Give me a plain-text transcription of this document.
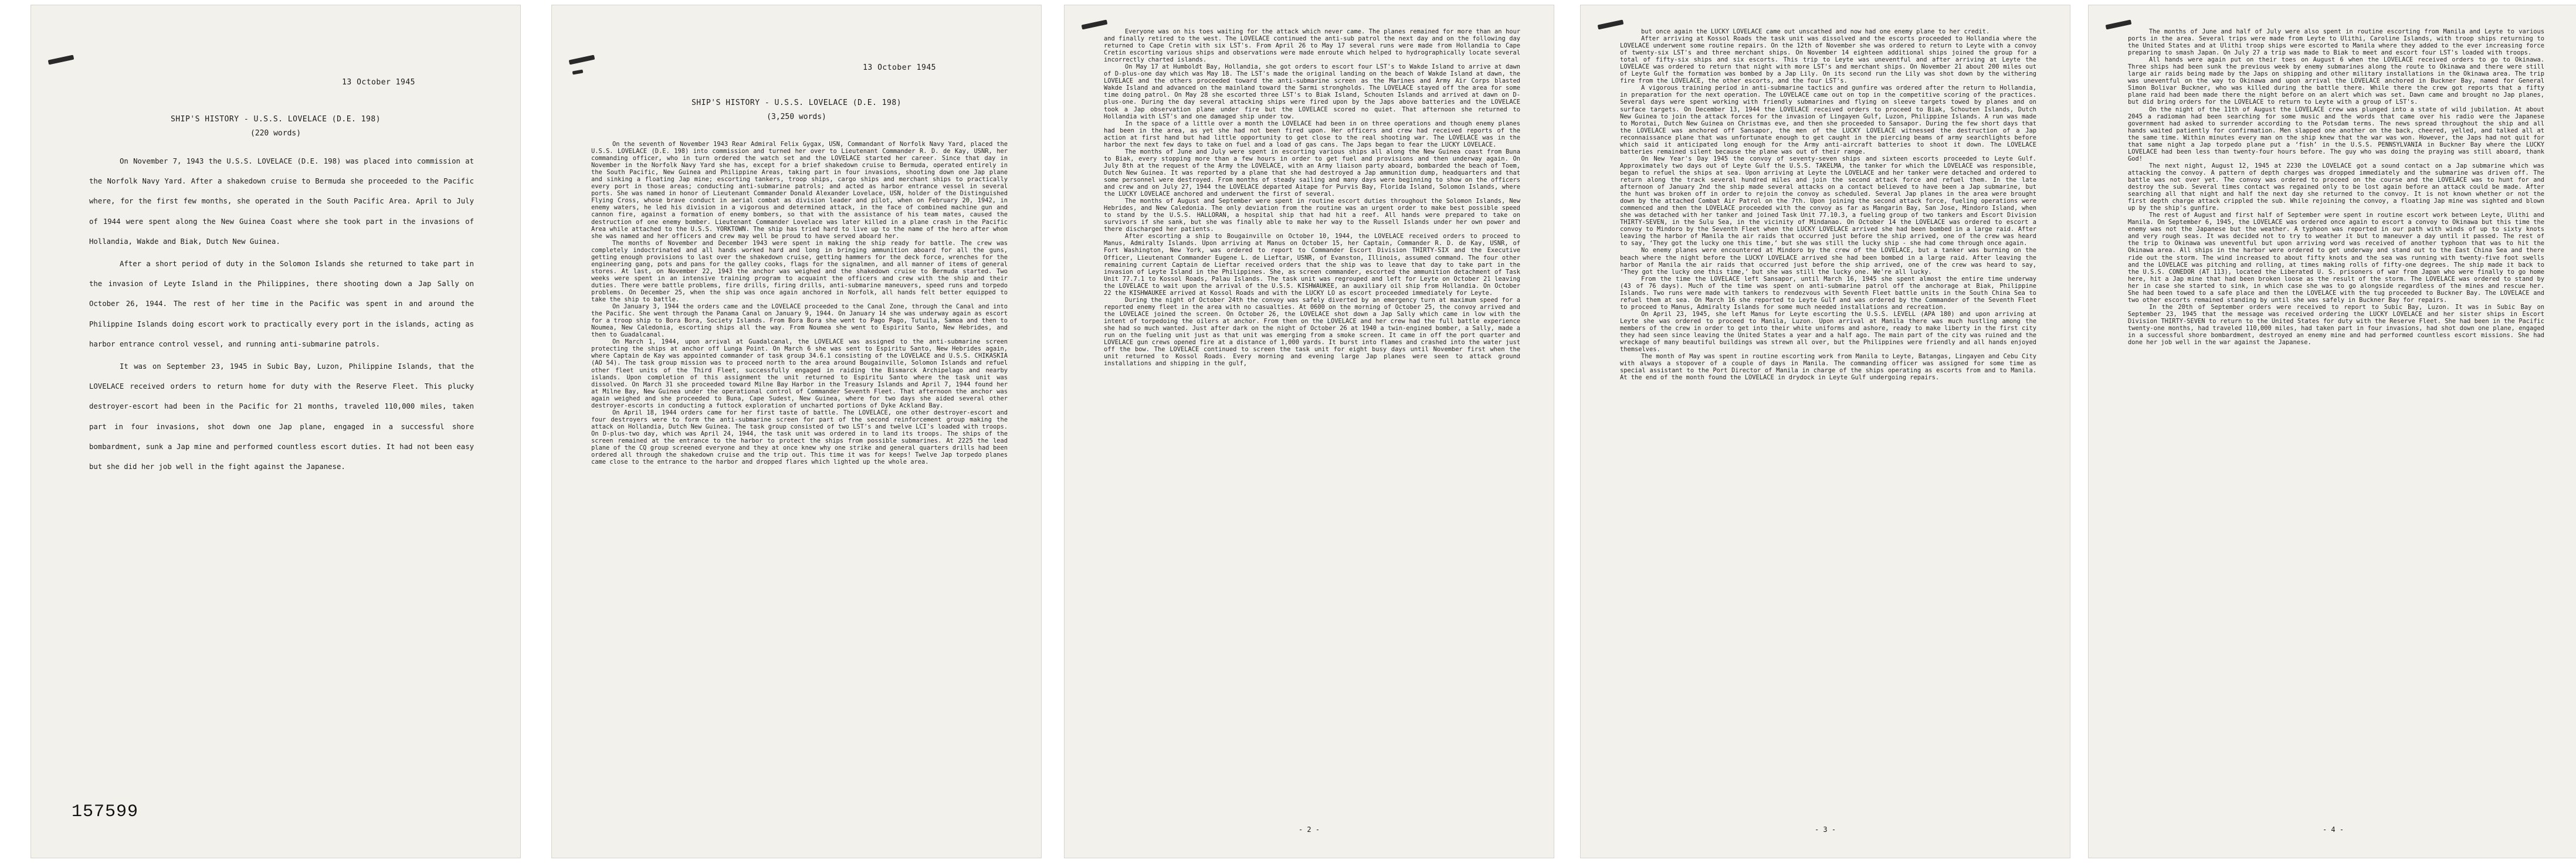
13 October 1945
SHIP'S HISTORY - U.S.S. LOVELACE (D.E. 198)
(220 words)

On November 7, 1943 the U.S.S. LOVELACE (D.E. 198) was placed into commission at the Norfolk Navy Yard. After a shakedown cruise to Bermuda she proceeded to the Pacific where, for the first few months, she operated in the South Pacific Area. April to July of 1944 were spent along the New Guinea Coast where she took part in the invasions of Hollandia, Wakde and Biak, Dutch New Guinea.

After a short period of duty in the Solomon Islands she returned to take part in the invasion of Leyte Island in the Philippines, there shooting down a Jap Sally on October 26, 1944. The rest of her time in the Pacific was spent in and around the Philippine Islands doing escort work to practically every port in the islands, acting as harbor entrance control vessel, and running anti-submarine patrols.

It was on September 23, 1945 in Subic Bay, Luzon, Philippine Islands, that the LOVELACE received orders to return home for duty with the Reserve Fleet. This plucky destroyer-escort had been in the Pacific for 21 months, traveled 110,000 miles, taken part in four invasions, shot down one Jap plane, engaged in a successful shore bombardment, sunk a Jap mine and performed countless escort duties. It had not been easy but she did her job well in the fight against the Japanese.

157599
13 October 1945
SHIP'S HISTORY - U.S.S. LOVELACE (D.E. 198)
(3,250 words)

On the seventh of November 1943 Rear Admiral Felix Gygax, USN, Commandant of Norfolk Navy Yard, placed the U.S.S. LOVELACE (D.E. 198) into commission and turned her over to Lieutenant Commander R. D. de Kay, USNR, her commanding officer, who in turn ordered the watch set and the LOVELACE started her career. Since that day in November in the Norfolk Navy Yard she has, except for a brief shakedown cruise to Bermuda, operated entirely in the South Pacific, New Guinea and Philippine Areas, taking part in four invasions, shooting down one Jap plane and sinking a floating Jap mine; escorting tankers, troop ships, cargo ships and merchant ships to practically every port in those areas; conducting anti-submarine patrols; and acted as harbor entrance vessel in several ports. She was named in honor of Lieutenant Commander Donald Alexander Lovelace, USN, holder of the Distinguished Flying Cross, whose brave conduct in aerial combat as division leader and pilot, when on February 20, 1942, in enemy waters, he led his division in a vigorous and determined attack, in the face of combined machine gun and cannon fire, against a formation of enemy bombers, so that with the assistance of his team mates, caused the destruction of one enemy bomber. Lieutenant Commander Lovelace was later killed in a plane crash in the Pacific Area while attached to the U.S.S. YORKTOWN. The ship has tried hard to live up to the name of the hero after whom she was named and her officers and crew may well be proud to have served aboard her.

The months of November and December 1943 were spent in making the ship ready for battle. The crew was completely indoctrinated and all hands worked hard and long in bringing ammunition aboard for all the guns, getting enough provisions to last over the shakedown cruise, getting hammers for the deck force, wrenches for the engineering gang, pots and pans for the galley cooks, flags for the signalmen, and all manner of items of general stores. At last, on November 22, 1943 the anchor was weighed and the shakedown cruise to Bermuda started. Two weeks were spent in an intensive training program to acquaint the officers and crew with the ship and their duties. There were battle problems, fire drills, firing drills, anti-submarine maneuvers, speed runs and torpedo problems. On December 25, when the ship was once again anchored in Norfolk, all hands felt better equipped to take the ship to battle.

On January 3, 1944 the orders came and the LOVELACE proceeded to the Canal Zone, through the Canal and into the Pacific. She went through the Panama Canal on January 9, 1944. On January 14 she was underway again as escort for a troop ship to Bora Bora, Society Islands. From Bora Bora she went to Pago Pago, Tutuila, Samoa and then to Noumea, New Caledonia, escorting ships all the way. From Noumea she went to Espiritu Santo, New Hebrides, and then to Guadalcanal.

On March 1, 1944, upon arrival at Guadalcanal, the LOVELACE was assigned to the anti-submarine screen protecting the ships at anchor off Lunga Point. On March 6 she was sent to Espiritu Santo, New Hebrides again, where Captain de Kay was appointed commander of task group 34.6.1 consisting of the LOVELACE and U.S.S. CHIKASKIA (AO 54). The task group mission was to proceed north to the area around Bougainville, Solomon Islands and refuel other fleet units of the Third Fleet, successfully engaged in raiding the Bismarck Archipelago and nearby islands. Upon completion of this assignment the unit returned to Espiritu Santo where the task unit was dissolved. On March 31 she proceeded toward Milne Bay Harbor in the Treasury Islands and April 7, 1944 found her at Milne Bay, New Guinea under the operational control of Commander Seventh Fleet. That afternoon the anchor was again weighed and she proceeded to Buna, Cape Sudest, New Guinea, where for two days she aided several other destroyer-escorts in conducting a futtock exploration of uncharted portions of Dyke Ackland Bay.

On April 18, 1944 orders came for her first taste of battle. The LOVELACE, one other destroyer-escort and four destroyers were to form the anti-submarine screen for part of the second reinforcement group making the attack on Hollandia, Dutch New Guinea. The task group consisted of two LST's and twelve LCI's loaded with troops. On D-plus-two day, which was April 24, 1944, the task unit was ordered in to land its troops. The ships of the screen remained at the entrance to the harbor to protect the ships from possible submarines. At 2225 the lead plane of the CQ group screened everyone and they at once knew why one strike and general quarters drills had been ordered all through the shakedown cruise and the trip out. This time it was for keeps! Twelve Jap torpedo planes came close to the entrance to the harbor and dropped flares which lighted up the whole area.

Everyone was on his toes waiting for the attack which never came. The planes remained for more than an hour and finally retired to the west. The LOVELACE continued the anti-sub patrol the next day and on the following day returned to Cape Cretin with six LST's. From April 26 to May 17 several runs were made from Hollandia to Cape Cretin escorting various ships and observations were made enroute which helped to hydrographically locate several incorrectly charted islands.

On May 17 at Humboldt Bay, Hollandia, she got orders to escort four LST's to Wakde Island to arrive at dawn of D-plus-one day which was May 18. The LST's made the original landing on the beach of Wakde Island at dawn, the LOVELACE and the others proceeded toward the anti-submarine screen as the Marines and Army Air Corps blasted Wakde Island and advanced on the mainland toward the Sarmi strongholds. The LOVELACE stayed off the area for some time doing patrol. On May 28 she escorted three LST's to Biak Island, Schouten Islands and arrived at dawn on D-plus-one. During the day several attacking ships were fired upon by the Japs above batteries and the LOVELACE took a Jap observation plane under fire but the LOVELACE scored no quiet. That afternoon she returned to Hollandia with LST's and one damaged ship under tow.

In the space of a little over a month the LOVELACE had been in on three operations and though enemy planes had been in the area, as yet she had not been fired upon. Her officers and crew had received reports of the action at first hand but had little opportunity to get close to the real shooting war. The LOVELACE was in the harbor the next few days to take on fuel and a load of gas cans. The Japs began to fear the LUCKY LOVELACE.

The months of June and July were spent in escorting various ships all along the New Guinea coast from Buna to Biak, every stopping more than a few hours in order to get fuel and provisions and then underway again. On July 8th at the request of the Army the LOVELACE, with an Army liaison party aboard, bombarded the beach of Toem, Dutch New Guinea. It was reported by a plane that she had destroyed a Jap ammunition dump, headquarters and that some personnel were destroyed. From months of steady sailing and many days were beginning to show on the officers and crew and on July 27, 1944 the LOVELACE departed Aitape for Purvis Bay, Florida Island, Solomon Islands, where the LUCKY LOVELACE anchored and underwent the first of several.

The months of August and September were spent in routine escort duties throughout the Solomon Islands, New Hebrides, and New Caledonia. The only deviation from the routine was an urgent order to make best possible speed to stand by the U.S.S. HALLORAN, a hospital ship that had hit a reef. All hands were prepared to take on survivors if she sank, but she was finally able to make her way to the Russell Islands under her own power and there discharged her patients.

After escorting a ship to Bougainville on October 10, 1944, the LOVELACE received orders to proceed to Manus, Admiralty Islands. Upon arriving at Manus on October 15, her Captain, Commander R. D. de Kay, USNR, of Fort Washington, New York, was ordered to report to Commander Escort Division THIRTY-SIX and the Executive Officer, Lieutenant Commander Eugene L. de Lieftar, USNR, of Evanston, Illinois, assumed command. The four other remaining current Captain de Lieftar received orders that the ship was to leave that day to take part in the invasion of Leyte Island in the Philippines. She, as screen commander, escorted the ammunition detachment of Task Unit 77.7.1 to Kossol Roads, Palau Islands. The task unit was regrouped and left for Leyte on October 21 leaving the LOVELACE to wait upon the arrival of the U.S.S. KISHWAUKEE, an auxiliary oil ship from Hollandia. On October 22 the KISHWAUKEE arrived at Kossol Roads and with the LUCKY LO as escort proceeded immediately for Leyte.

During the night of October 24th the convoy was safely diverted by an emergency turn at maximum speed for a reported enemy fleet in the area with no casualties. At 0600 on the morning of October 25, the convoy arrived and the LOVELACE joined the screen. On October 26, the LOVELACE shot down a Jap Sally which came in low with the intent of torpedoing the oilers at anchor. From then on the LOVELACE and her crew had the full battle experience she had so much wanted. Just after dark on the night of October 26 at 1940 a twin-engined bomber, a Sally, made a run on the fueling unit just as that unit was emerging from a smoke screen. It came in off the port quarter and LOVELACE gun crews opened fire at a distance of 1,000 yards. It burst into flames and crashed into the water just off the bow. The LOVELACE continued to screen the task unit for eight busy days until November first when the unit returned to Kossol Roads. Every morning and evening large Jap planes were seen to attack ground installations and shipping in the gulf,

- 2 -

but once again the LUCKY LOVELACE came out unscathed and now had one enemy plane to her credit.

After arriving at Kossol Roads the task unit was dissolved and the escorts proceeded to Hollandia where the LOVELACE underwent some routine repairs. On the 12th of November she was ordered to return to Leyte with a convoy of twenty-six LST's and three merchant ships. On November 14 eighteen additional ships joined the group for a total of fifty-six ships and six escorts. This trip to Leyte was uneventful and after arriving at Leyte the LOVELACE was ordered to return that night with more LST's and merchant ships. On November 21 about 200 miles out of Leyte Gulf the formation was bombed by a Jap Lily. On its second run the Lily was shot down by the withering fire from the LOVELACE, the other escorts, and the four LST's.

A vigorous training period in anti-submarine tactics and gunfire was ordered after the return to Hollandia, in preparation for the next operation. The LOVELACE came out on top in the competitive scoring of the practices. Several days were spent working with friendly submarines and flying on sleeve targets towed by planes and on surface targets. On December 13, 1944 the LOVELACE received orders to proceed to Biak, Schouten Islands, Dutch New Guinea to join the attack forces for the invasion of Lingayen Gulf, Luzon, Philippine Islands. A run was made to Morotai, Dutch New Guinea on Christmas eve, and then she proceeded to Sansapor. During the few short days that the LOVELACE was anchored off Sansapor, the men of the LUCKY LOVELACE witnessed the destruction of a Jap reconnaissance plane that was unfortunate enough to get caught in the piercing beams of army searchlights before which said it anticipated long enough for the Army anti-aircraft batteries to shoot it down. The LOVELACE batteries remained silent because the plane was out of their range.

On New Year's Day 1945 the convoy of seventy-seven ships and sixteen escorts proceeded to Leyte Gulf. Approximately two days out of Leyte Gulf the U.S.S. TAKELMA, the tanker for which the LOVELACE was responsible, began to refuel the ships at sea. Upon arriving at Leyte the LOVELACE and her tanker were detached and ordered to return along the track several hundred miles and join the second attack force and refuel them. In the late afternoon of January 2nd the ship made several attacks on a contact believed to have been a Jap submarine, but the hunt was broken off in order to rejoin the convoy as scheduled. Several Jap planes in the area were brought down by the attached Combat Air Patrol on the 7th. Upon joining the second attack force, fueling operations were commenced and then the LOVELACE proceeded with the convoy as far as Mangarin Bay, San Jose, Mindoro Island, when she was detached with her tanker and joined Task Unit 77.10.3, a fueling group of two tankers and Escort Division THIRTY-SEVEN, in the Sulu Sea, in the vicinity of Mindanao. On October 14 the LOVELACE was ordered to escort a convoy to Mindoro by the Seventh Fleet when the LUCKY LOVELACE arrived she had been bombed in a large raid. After leaving the harbor of Manila the air raids that occurred just before the ship arrived, one of the crew was heard to say, ‘They got the lucky one this time,’ but she was still the lucky ship - she had come through once again.

No enemy planes were encountered at Mindoro by the crew of the LOVELACE, but a tanker was burning on the beach where the night before the LUCKY LOVELACE arrived she had been bombed in a large raid. After leaving the harbor of Manila the air raids that occurred just before the ship arrived, one of the crew was heard to say, ‘They got the lucky one this time,’ but she was still the lucky one. We're all lucky.

From the time the LOVELACE left Sansapor, until March 16, 1945 she spent almost the entire time underway (43 of 76 days). Much of the time was spent on anti-submarine patrol off the anchorage at Biak, Philippine Islands. Two runs were made with tankers to rendezvous with Seventh Fleet battle units in the South China Sea to refuel them at sea. On March 16 she reported to Leyte Gulf and was ordered by the Commander of the Seventh Fleet to proceed to Manus, Admiralty Islands for some much needed installations and recreation.

On April 23, 1945, she left Manus for Leyte escorting the U.S.S. LEVELL (APA 180) and upon arriving at Leyte she was ordered to proceed to Manila, Luzon. Upon arrival at Manila there was much hustling among the members of the crew in order to get into their white uniforms and ashore, ready to make liberty in the first city they had seen since leaving the United States a year and a half ago. The main part of the city was ruined and the wreckage of many beautiful buildings was strewn all over, but the Philippines were friendly and all hands enjoyed themselves.

The month of May was spent in routine escorting work from Manila to Leyte, Batangas, Lingayen and Cebu City with always a stopover of a couple of days in Manila. The commanding officer was assigned for some time as special assistant to the Port Director of Manila in charge of the ships operating as escorts from and to Manila. At the end of the month found the LOVELACE in drydock in Leyte Gulf undergoing repairs.

- 3 -

The months of June and half of July were also spent in routine escorting from Manila and Leyte to various ports in the area. Several trips were made from Leyte to Ulithi, Caroline Islands, with troop ships returning to the United States and at Ulithi troop ships were escorted to Manila where they added to the ever increasing force preparing to smash Japan. On July 27 a trip was made to Biak to meet and escort four LST's loaded with troops.

All hands were again put on their toes on August 6 when the LOVELACE received orders to go to Okinawa. Three ships had been sunk the previous week by enemy submarines along the route to Okinawa and there were still large air raids being made by the Japs on shipping and other military installations in the Okinawa area. The trip was uneventful on the way to Okinawa and upon arrival the LOVELACE anchored in Buckner Bay, named for General Simon Bolivar Buckner, who was killed during the battle there. While there the crew got reports that a fifty plane raid had been made there the night before on an alert which was set. Dawn came and brought no Jap planes, but did bring orders for the LOVELACE to return to Leyte with a group of LST's.

On the night of the 11th of August the LOVELACE crew was plunged into a state of wild jubilation. At about 2045 a radioman had been searching for some music and the words that came over his radio were the Japanese government had asked to surrender according to the Potsdam terms. The news spread throughout the ship and all hands waited patiently for confirmation. Men slapped one another on the back, cheered, yelled, and talked all at the same time. Within minutes every man on the ship knew that the war was won. However, the Japs had not quit for that same night a Jap torpedo plane put a ‘fish’ in the U.S.S. PENNSYLVANIA in Buckner Bay where the LUCKY LOVELACE had been less than twenty-four hours before. The guy who was doing the praying was still aboard, thank God!

The next night, August 12, 1945 at 2230 the LOVELACE got a sound contact on a Jap submarine which was attacking the convoy. A pattern of depth charges was dropped immediately and the submarine was driven off. The battle was not over yet. The convoy was ordered to proceed on the course and the LOVELACE was to hunt for and destroy the sub. Several times contact was regained only to be lost again before an attack could be made. After searching all that night and half the next day she returned to the convoy. It is not known whether or not the first depth charge attack crippled the sub. While rejoining the convoy, a floating Jap mine was sighted and blown up by the ship's gunfire.

The rest of August and first half of September were spent in routine escort work between Leyte, Ulithi and Manila. On September 6, 1945, the LOVELACE was ordered once again to escort a convoy to Okinawa but this time the enemy was not the Japanese but the weather. A typhoon was reported in our path with winds of up to sixty knots and very rough seas. It was decided not to try to weather it but to maneuver a day until it passed. The rest of the trip to Okinawa was uneventful but upon arriving word was received of another typhoon that was to hit the Okinawa area. All ships in the harbor were ordered to get underway and stand out to the East China Sea and there ride out the storm. The wind increased to about fifty knots and the sea was running with twenty-five foot swells and the LOVELACE was pitching and rolling, at times making rolls of fifty-one degrees. The ship made it back to the U.S.S. CONEDOR (AT 113), located the Liberated U. S. prisoners of war from Japan who were finally to go home here, hit a Jap mine that had been broken loose as the result of the storm. The LOVELACE was ordered to stand by her in case she started to sink, in which case she was to go alongside regardless of the mines and rescue her. She had been towed to a safe place and then the LOVELACE with the tug proceeded to Buckner Bay. The LOVELACE and two other escorts remained standing by until she was safely in Buckner Bay for repairs.

In the 20th of September orders were received to report to Subic Bay, Luzon. It was in Subic Bay on September 23, 1945 that the message was received ordering the LUCKY LOVELACE and her sister ships in Escort Division THIRTY-SEVEN to return to the United States for duty with the Reserve Fleet. She had been in the Pacific twenty-one months, had traveled 110,000 miles, had taken part in four invasions, had shot down one plane, engaged in a successful shore bombardment, destroyed an enemy mine and had performed countless escort missions. She had done her job well in the war against the Japanese.

- 4 -
